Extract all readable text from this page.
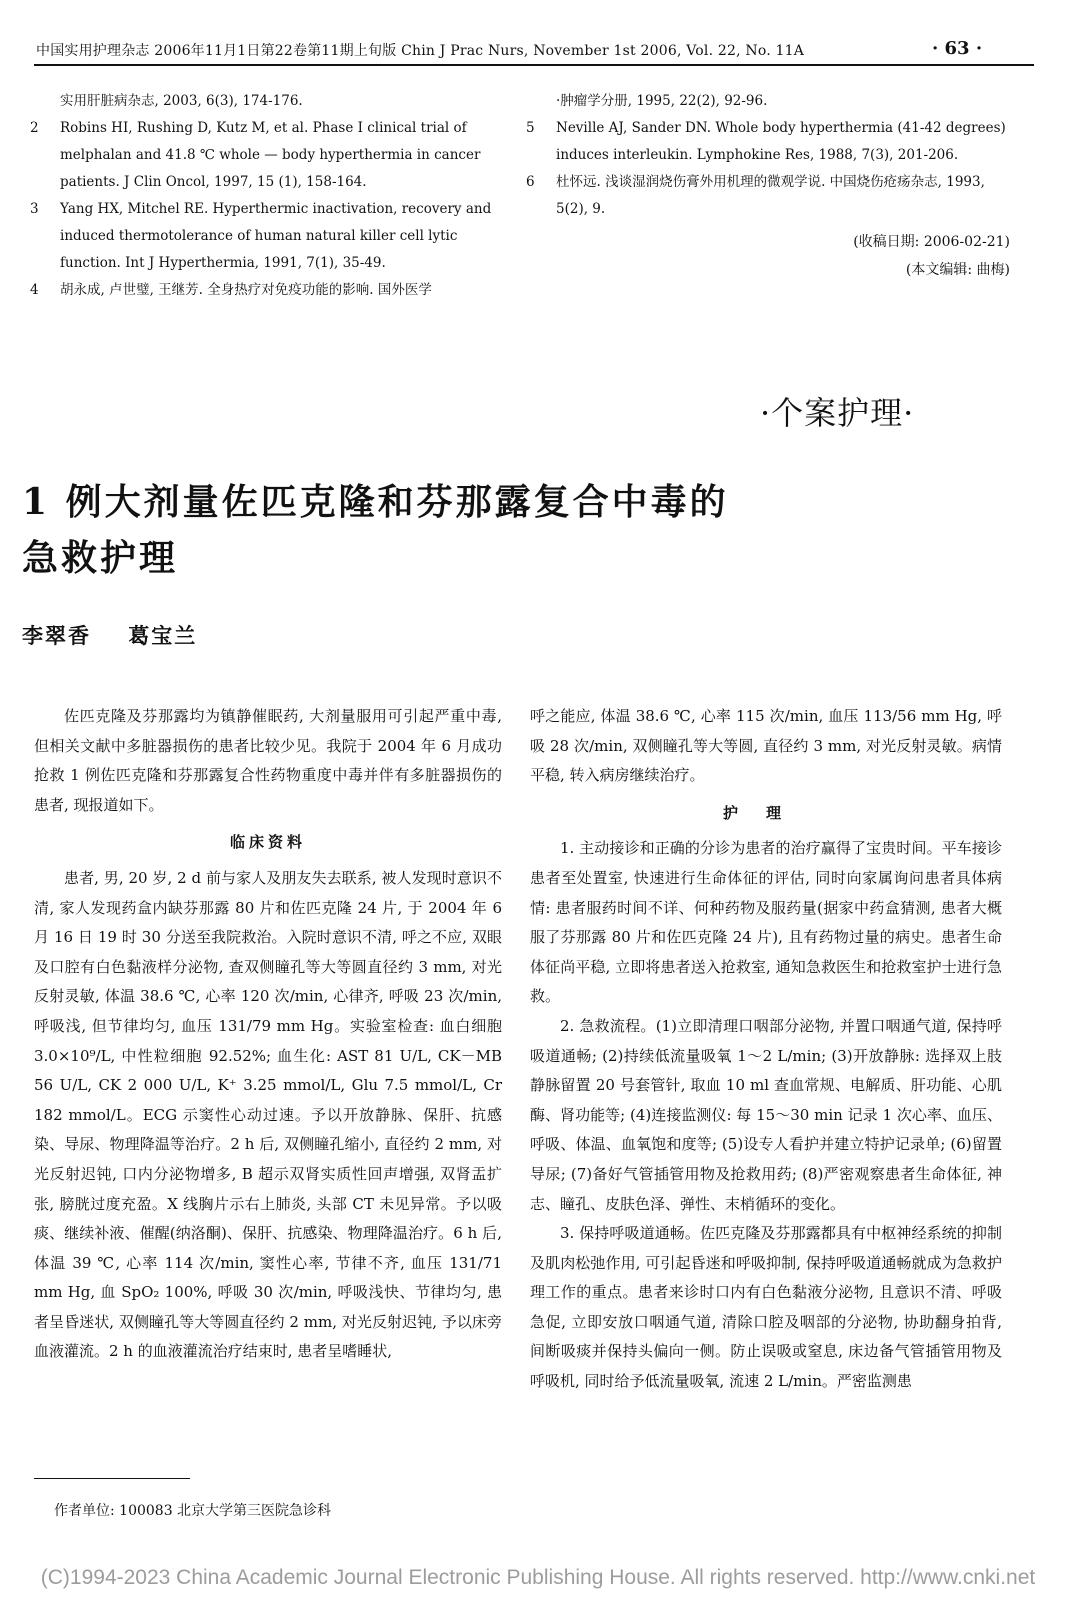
中国实用护理杂志 2006年11月1日第22卷第11期上旬版 Chin J Prac Nurs, November 1st 2006, Vol. 22, No. 11A	· 63 ·
实用肝脏病杂志, 2003, 6(3), 174-176.
2 Robins HI, Rushing D, Kutz M, et al. Phase Ⅰ clinical trial of melphalan and 41.8 ℃ whole — body hyperthermia in cancer patients. J Clin Oncol, 1997, 15 (1), 158-164.
3 Yang HX, Mitchel RE. Hyperthermic inactivation, recovery and induced thermotolerance of human natural killer cell lytic function. Int J Hyperthermia, 1991, 7(1), 35-49.
4 胡永成, 卢世璧, 王继芳. 全身热疗对免疫功能的影响. 国外医学
·肿瘤学分册, 1995, 22(2), 92-96.
5 Neville AJ, Sander DN. Whole body hyperthermia (41-42 degrees) induces interleukin. Lymphokine Res, 1988, 7(3), 201-206.
6 杜怀远. 浅谈湿润烧伤膏外用机理的微观学说. 中国烧伤疮疡杂志, 1993, 5(2), 9.
(收稿日期: 2006-02-21)
(本文编辑: 曲梅)
·个案护理·
1 例大剂量佐匹克隆和芬那露复合中毒的
急救护理
李翠香    葛宝兰

佐匹克隆及芬那露均为镇静催眠药, 大剂量服用可引起严重中毒, 但相关文献中多脏器损伤的患者比较少见。我院于 2004 年 6 月成功抢救 1 例佐匹克隆和芬那露复合性药物重度中毒并伴有多脏器损伤的患者, 现报道如下。

临床资料

患者, 男, 20 岁, 2 d 前与家人及朋友失去联系, 被人发现时意识不清, 家人发现药盒内缺芬那露 80 片和佐匹克隆 24 片, 于 2004 年 6 月 16 日 19 时 30 分送至我院救治。入院时意识不清, 呼之不应, 双眼及口腔有白色黏液样分泌物, 查双侧瞳孔等大等圆直径约 3 mm, 对光反射灵敏, 体温 38.6 ℃, 心率 120 次/min, 心律齐, 呼吸 23 次/min, 呼吸浅, 但节律均匀, 血压 131/79 mm Hg。实验室检查: 血白细胞 3.0×10⁹/L, 中性粒细胞 92.52%; 血生化: AST 81 U/L, CK－MB 56 U/L, CK 2 000 U/L, K⁺ 3.25 mmol/L, Glu 7.5 mmol/L, Cr 182 mmol/L。ECG 示窦性心动过速。予以开放静脉、保肝、抗感染、导尿、物理降温等治疗。2 h 后, 双侧瞳孔缩小, 直径约 2 mm, 对光反射迟钝, 口内分泌物增多, B 超示双肾实质性回声增强, 双肾盂扩张, 膀胱过度充盈。X 线胸片示右上肺炎, 头部 CT 未见异常。予以吸痰、继续补液、催醒(纳洛酮)、保肝、抗感染、物理降温治疗。6 h 后, 体温 39 ℃, 心率 114 次/min, 窦性心率, 节律不齐, 血压 131/71 mm Hg, 血 SpO₂ 100%, 呼吸 30 次/min, 呼吸浅快、节律均匀, 患者呈昏迷状, 双侧瞳孔等大等圆直径约 2 mm, 对光反射迟钝, 予以床旁血液灌流。2 h 的血液灌流治疗结束时, 患者呈嗜睡状,

呼之能应, 体温 38.6 ℃, 心率 115 次/min, 血压 113/56 mm Hg, 呼吸 28 次/min, 双侧瞳孔等大等圆, 直径约 3 mm, 对光反射灵敏。病情平稳, 转入病房继续治疗。

护理

1. 主动接诊和正确的分诊为患者的治疗赢得了宝贵时间。平车接诊患者至处置室, 快速进行生命体征的评估, 同时向家属询问患者具体病情: 患者服药时间不详、何种药物及服药量(据家中药盒猜测, 患者大概服了芬那露 80 片和佐匹克隆 24 片), 且有药物过量的病史。患者生命体征尚平稳, 立即将患者送入抢救室, 通知急救医生和抢救室护士进行急救。

2. 急救流程。(1)立即清理口咽部分泌物, 并置口咽通气道, 保持呼吸道通畅; (2)持续低流量吸氧 1～2 L/min; (3)开放静脉: 选择双上肢静脉留置 20 号套管针, 取血 10 ml 查血常规、电解质、肝功能、心肌酶、肾功能等; (4)连接监测仪: 每 15～30 min 记录 1 次心率、血压、呼吸、体温、血氧饱和度等; (5)设专人看护并建立特护记录单; (6)留置导尿; (7)备好气管插管用物及抢救用药; (8)严密观察患者生命体征, 神志、瞳孔、皮肤色泽、弹性、末梢循环的变化。

3. 保持呼吸道通畅。佐匹克隆及芬那露都具有中枢神经系统的抑制及肌肉松弛作用, 可引起昏迷和呼吸抑制, 保持呼吸道通畅就成为急救护理工作的重点。患者来诊时口内有白色黏液分泌物, 且意识不清、呼吸急促, 立即安放口咽通气道, 清除口腔及咽部的分泌物, 协助翻身拍背, 间断吸痰并保持头偏向一侧。防止误吸或窒息, 床边备气管插管用物及呼吸机, 同时给予低流量吸氧, 流速 2 L/min。严密监测患

作者单位: 100083 北京大学第三医院急诊科
(C)1994-2023 China Academic Journal Electronic Publishing House. All rights reserved. http://www.cnki.net
